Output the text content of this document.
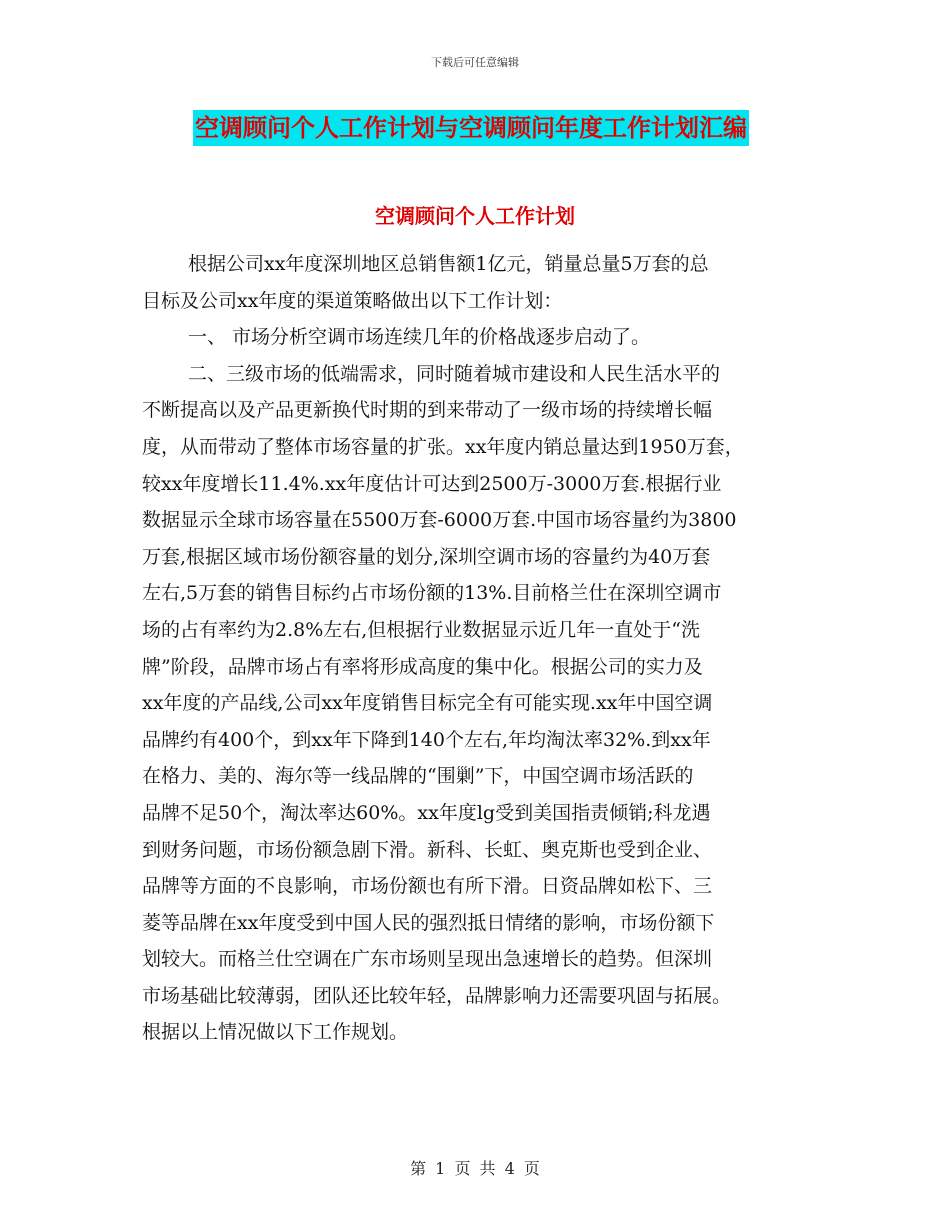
下载后可任意编辑
空调顾问个人工作计划与空调顾问年度工作计划汇编
空调顾问个人工作计划
根据公司xx年度深圳地区总销售额1亿元，销量总量5万套的总
目标及公司xx年度的渠道策略做出以下工作计划：
一、 市场分析空调市场连续几年的价格战逐步启动了。
二、三级市场的低端需求，同时随着城市建设和人民生活水平的
不断提高以及产品更新换代时期的到来带动了一级市场的持续增长幅
度，从而带动了整体市场容量的扩张。xx年度内销总量达到1950万套，
较xx年度增长11.4%.xx年度估计可达到2500万-3000万套.根据行业
数据显示全球市场容量在5500万套-6000万套.中国市场容量约为3800
万套,根据区域市场份额容量的划分,深圳空调市场的容量约为40万套
左右,5万套的销售目标约占市场份额的13%.目前格兰仕在深圳空调市
场的占有率约为2.8%左右,但根据行业数据显示近几年一直处于“洗
牌”阶段，品牌市场占有率将形成高度的集中化。根据公司的实力及
xx年度的产品线,公司xx年度销售目标完全有可能实现.xx年中国空调
品牌约有400个，到xx年下降到140个左右,年均淘汰率32%.到xx年
在格力、美的、海尔等一线品牌的“围剿”下，中国空调市场活跃的
品牌不足50个，淘汰率达60%。xx年度lg受到美国指责倾销;科龙遇
到财务问题，市场份额急剧下滑。新科、长虹、奥克斯也受到企业、
品牌等方面的不良影响，市场份额也有所下滑。日资品牌如松下、三
菱等品牌在xx年度受到中国人民的强烈抵日情绪的影响，市场份额下
划较大。而格兰仕空调在广东市场则呈现出急速增长的趋势。但深圳
市场基础比较薄弱，团队还比较年轻，品牌影响力还需要巩固与拓展。
根据以上情况做以下工作规划。
第 1 页 共 4 页
